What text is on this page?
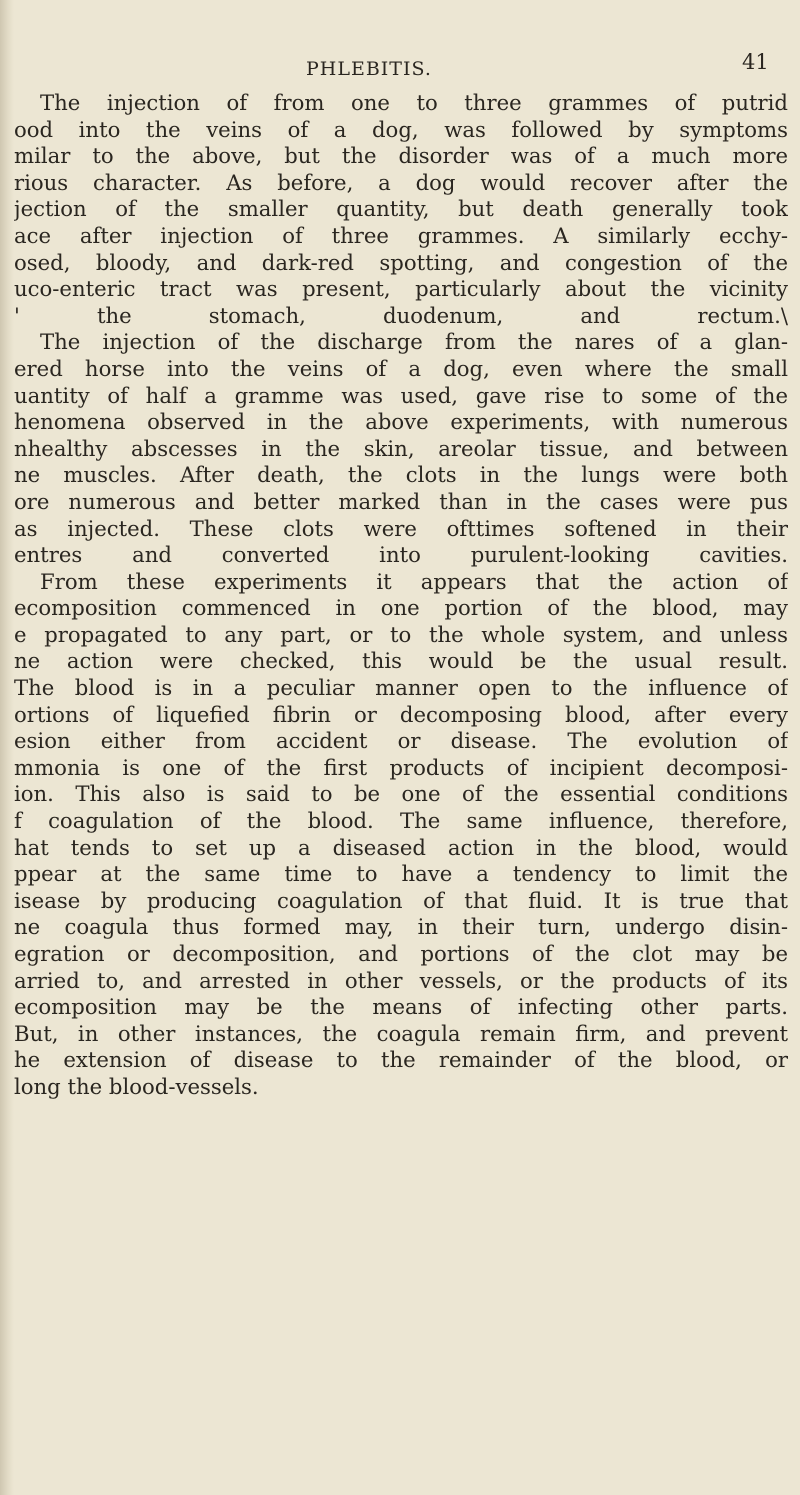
PHLEBITIS.	41
The injection of from one to three grammes of putrid
ood into the veins of a dog, was followed by symptoms
milar to the above, but the disorder was of a much more
rious character. As before, a dog would recover after the
jection of the smaller quantity, but death generally took
ace after injection of three grammes. A similarly ecchy-
osed, bloody, and dark-red spotting, and congestion of the
uco-enteric tract was present, particularly about the vicinity
' the stomach, duodenum, and rectum.\
The injection of the discharge from the nares of a glan-
ered horse into the veins of a dog, even where the small
uantity of half a gramme was used, gave rise to some of the
henomena observed in the above experiments, with numerous
nhealthy abscesses in the skin, areolar tissue, and between
ne muscles. After death, the clots in the lungs were both
ore numerous and better marked than in the cases were pus
as injected. These clots were ofttimes softened in their
entres and converted into purulent-looking cavities.
From these experiments it appears that the action of
ecomposition commenced in one portion of the blood, may
e propagated to any part, or to the whole system, and unless
ne action were checked, this would be the usual result.
The blood is in a peculiar manner open to the influence of
ortions of liquefied fibrin or decomposing blood, after every
esion either from accident or disease. The evolution of
mmonia is one of the first products of incipient decomposi-
ion. This also is said to be one of the essential conditions
f coagulation of the blood. The same influence, therefore,
hat tends to set up a diseased action in the blood, would
ppear at the same time to have a tendency to limit the
isease by producing coagulation of that fluid. It is true that
ne coagula thus formed may, in their turn, undergo disin-
egration or decomposition, and portions of the clot may be
arried to, and arrested in other vessels, or the products of its
ecomposition may be the means of infecting other parts.
But, in other instances, the coagula remain firm, and prevent
he extension of disease to the remainder of the blood, or
long the blood-vessels.
